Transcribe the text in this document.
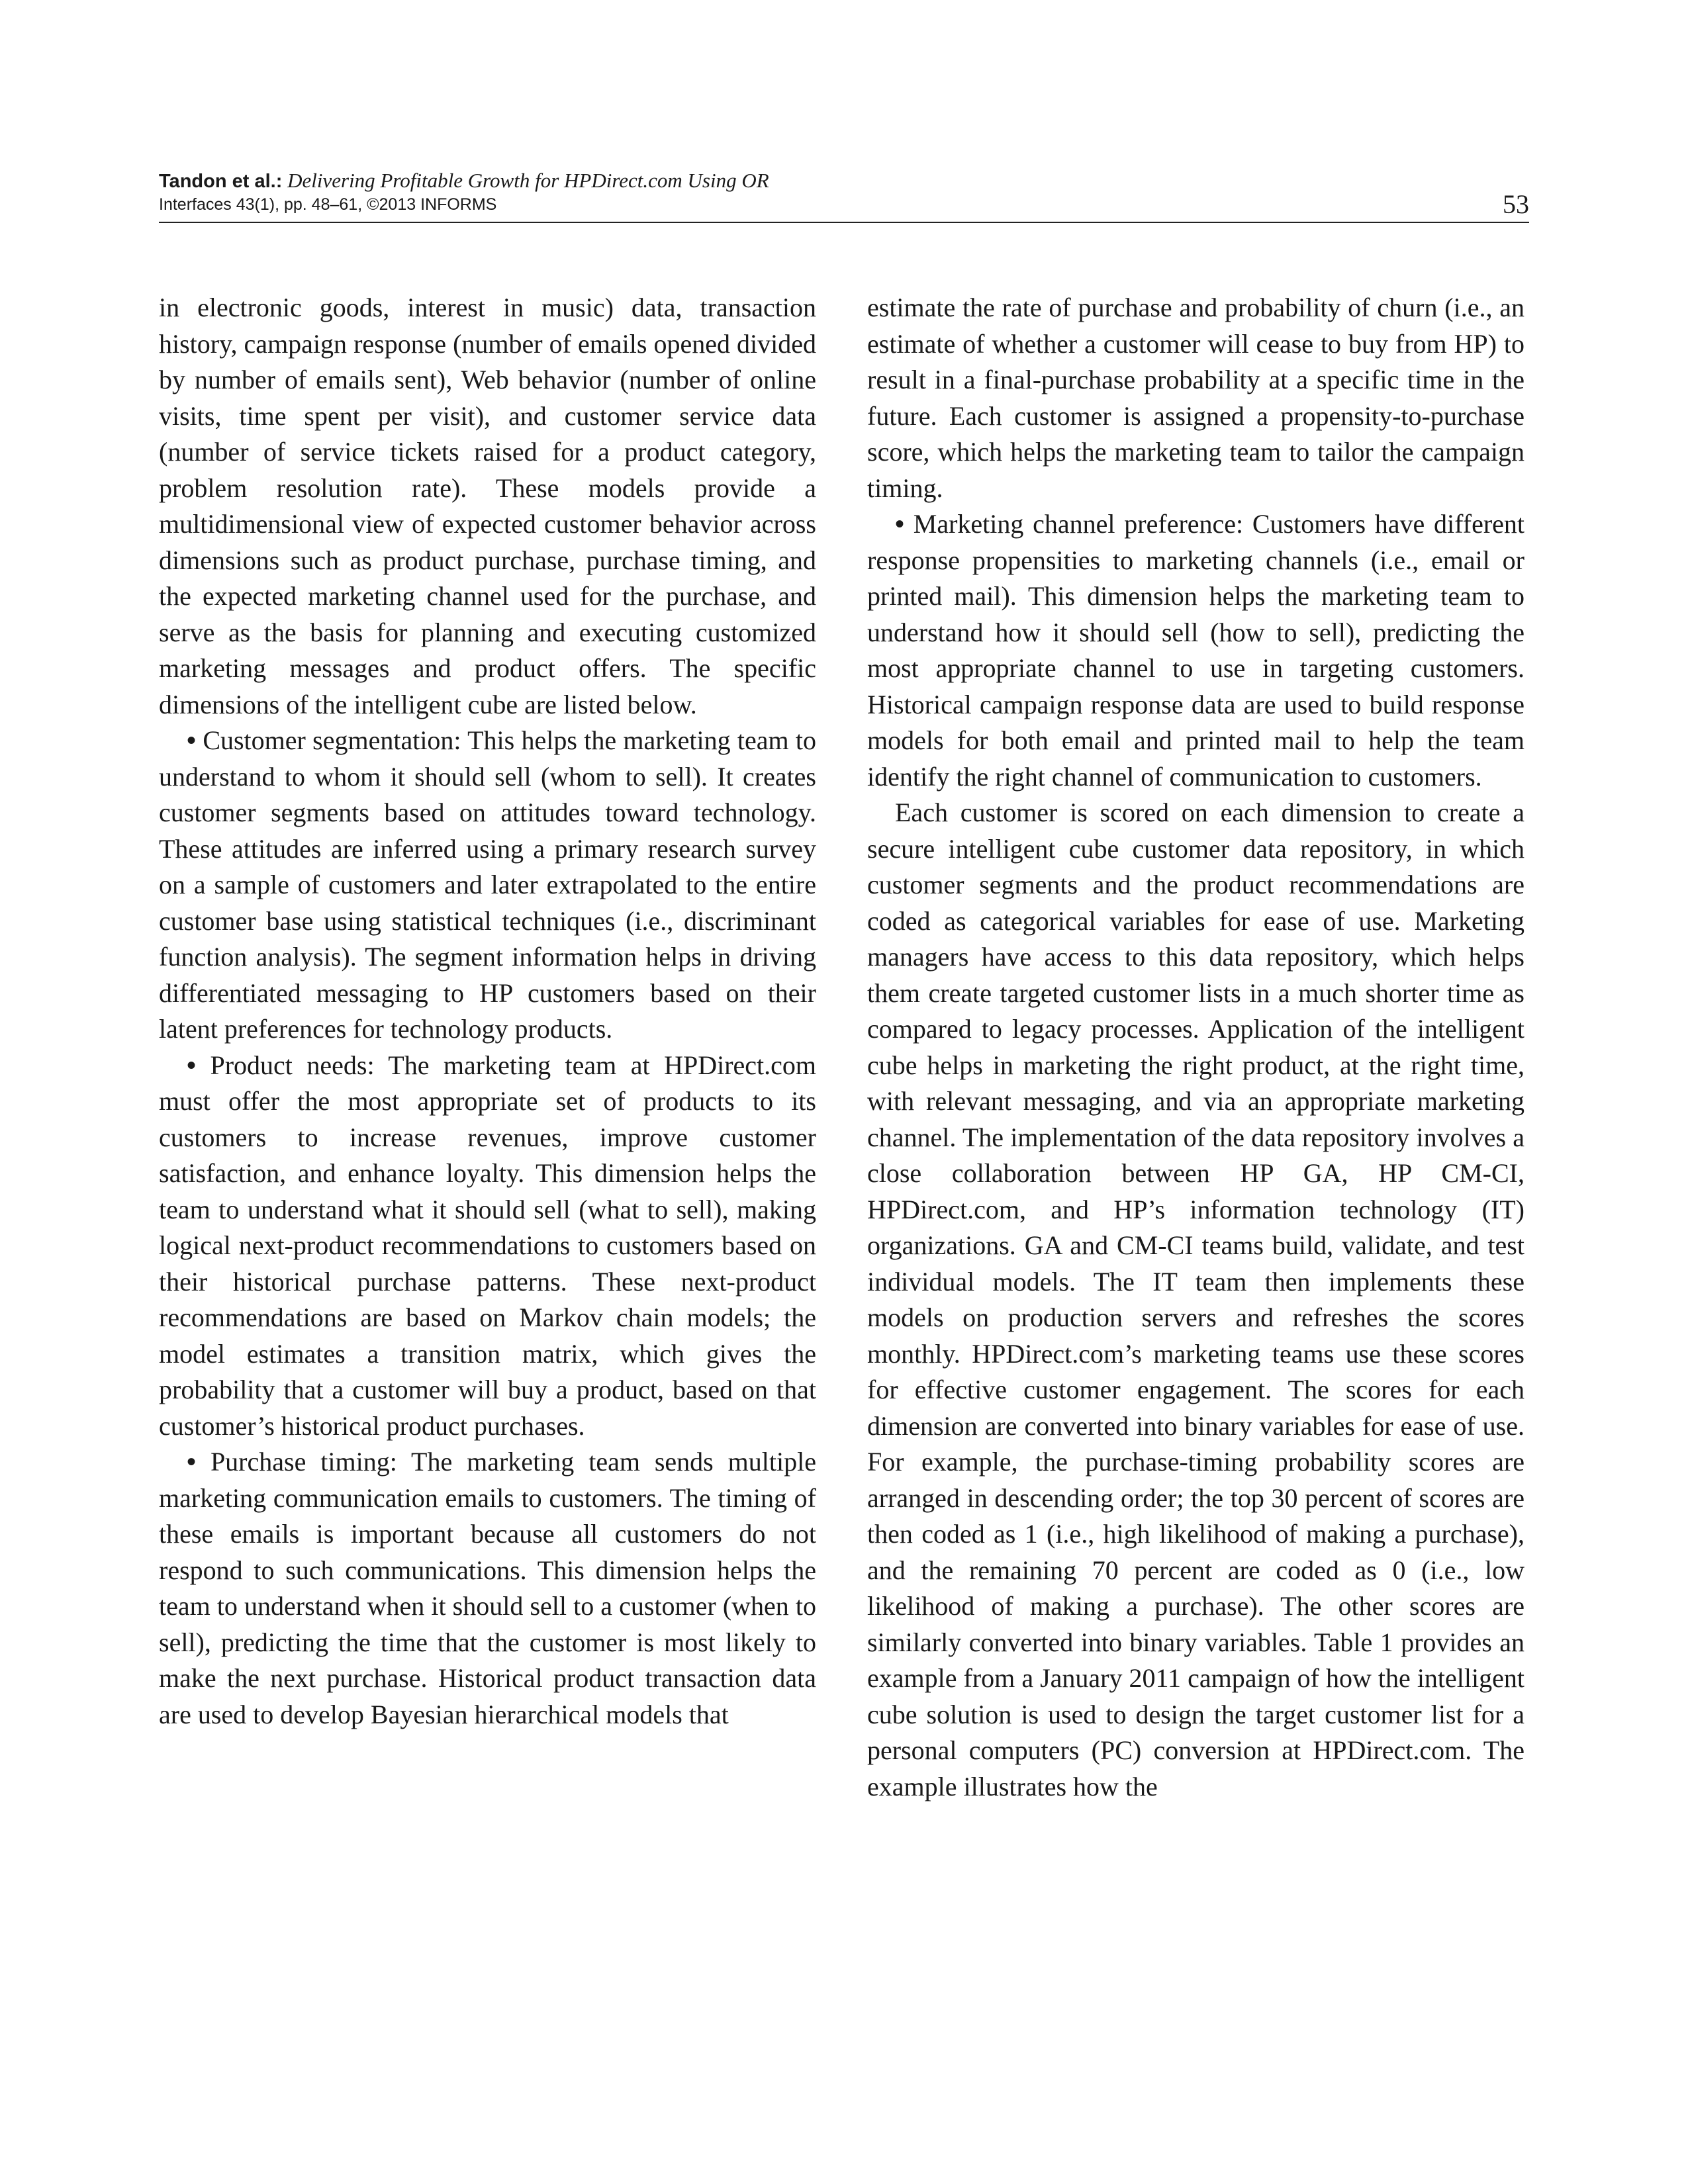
Tandon et al.: Delivering Profitable Growth for HPDirect.com Using OR
Interfaces 43(1), pp. 48–61, ©2013 INFORMS	53

in electronic goods, interest in music) data, transaction history, campaign response (number of emails opened divided by number of emails sent), Web behavior (number of online visits, time spent per visit), and customer service data (number of service tickets raised for a product category, problem resolution rate). These models provide a multidimensional view of expected customer behavior across dimensions such as product purchase, purchase timing, and the expected marketing channel used for the purchase, and serve as the basis for planning and executing customized marketing messages and product offers. The specific dimensions of the intelligent cube are listed below.

• Customer segmentation: This helps the marketing team to understand to whom it should sell (whom to sell). It creates customer segments based on attitudes toward technology. These attitudes are inferred using a primary research survey on a sample of customers and later extrapolated to the entire customer base using statistical techniques (i.e., discriminant function analysis). The segment information helps in driving differentiated messaging to HP customers based on their latent preferences for technology products.

• Product needs: The marketing team at HPDirect.com must offer the most appropriate set of products to its customers to increase revenues, improve customer satisfaction, and enhance loyalty. This dimension helps the team to understand what it should sell (what to sell), making logical next-product recommendations to customers based on their historical purchase patterns. These next-product recommendations are based on Markov chain models; the model estimates a transition matrix, which gives the probability that a customer will buy a product, based on that customer’s historical product purchases.

• Purchase timing: The marketing team sends multiple marketing communication emails to customers. The timing of these emails is important because all customers do not respond to such communications. This dimension helps the team to understand when it should sell to a customer (when to sell), predicting the time that the customer is most likely to make the next purchase. Historical product transaction data are used to develop Bayesian hierarchical models that

estimate the rate of purchase and probability of churn (i.e., an estimate of whether a customer will cease to buy from HP) to result in a final-purchase probability at a specific time in the future. Each customer is assigned a propensity-to-purchase score, which helps the marketing team to tailor the campaign timing.

• Marketing channel preference: Customers have different response propensities to marketing channels (i.e., email or printed mail). This dimension helps the marketing team to understand how it should sell (how to sell), predicting the most appropriate channel to use in targeting customers. Historical campaign response data are used to build response models for both email and printed mail to help the team identify the right channel of communication to customers.

Each customer is scored on each dimension to create a secure intelligent cube customer data repository, in which customer segments and the product recommendations are coded as categorical variables for ease of use. Marketing managers have access to this data repository, which helps them create targeted customer lists in a much shorter time as compared to legacy processes. Application of the intelligent cube helps in marketing the right product, at the right time, with relevant messaging, and via an appropriate marketing channel. The implementation of the data repository involves a close collaboration between HP GA, HP CM-CI, HPDirect.com, and HP’s information technology (IT) organizations. GA and CM-CI teams build, validate, and test individual models. The IT team then implements these models on production servers and refreshes the scores monthly. HPDirect.com’s marketing teams use these scores for effective customer engagement. The scores for each dimension are converted into binary variables for ease of use. For example, the purchase-timing probability scores are arranged in descending order; the top 30 percent of scores are then coded as 1 (i.e., high likelihood of making a purchase), and the remaining 70 percent are coded as 0 (i.e., low likelihood of making a purchase). The other scores are similarly converted into binary variables. Table 1 provides an example from a January 2011 campaign of how the intelligent cube solution is used to design the target customer list for a personal computers (PC) conversion at HPDirect.com. The example illustrates how the
